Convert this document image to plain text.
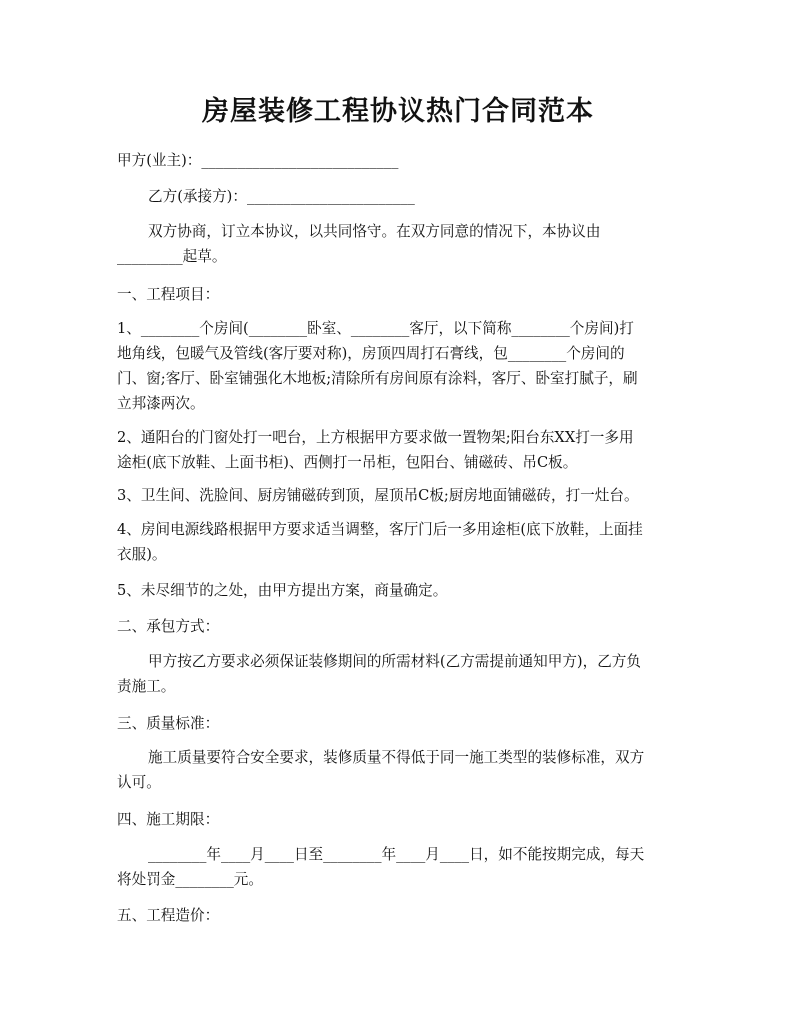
房屋装修工程协议热门合同范本
甲方(业主)：___________________________
乙方(承接方)：_______________________
双方协商，订立本协议，以共同恪守。在双方同意的情况下，本协议由
_________起草。
一、工程项目：
1、________个房间(________卧室、________客厅，以下简称________个房间)打
地角线，包暖气及管线(客厅要对称)，房顶四周打石膏线，包________个房间的
门、窗;客厅、卧室铺强化木地板;清除所有房间原有涂料，客厅、卧室打腻子，刷
立邦漆两次。
2、通阳台的门窗处打一吧台，上方根据甲方要求做一置物架;阳台东XX打一多用
途柜(底下放鞋、上面书柜)、西侧打一吊柜，包阳台、铺磁砖、吊C板。
3、卫生间、洗脸间、厨房铺磁砖到顶，屋顶吊C板;厨房地面铺磁砖，打一灶台。
4、房间电源线路根据甲方要求适当调整，客厅门后一多用途柜(底下放鞋，上面挂
衣服)。
5、未尽细节的之处，由甲方提出方案，商量确定。
二、承包方式：
甲方按乙方要求必须保证装修期间的所需材料(乙方需提前通知甲方)，乙方负
责施工。
三、质量标准：
施工质量要符合安全要求，装修质量不得低于同一施工类型的装修标准，双方
认可。
四、施工期限：
________年____月____日至________年____月____日，如不能按期完成，每天
将处罚金________元。
五、工程造价：
